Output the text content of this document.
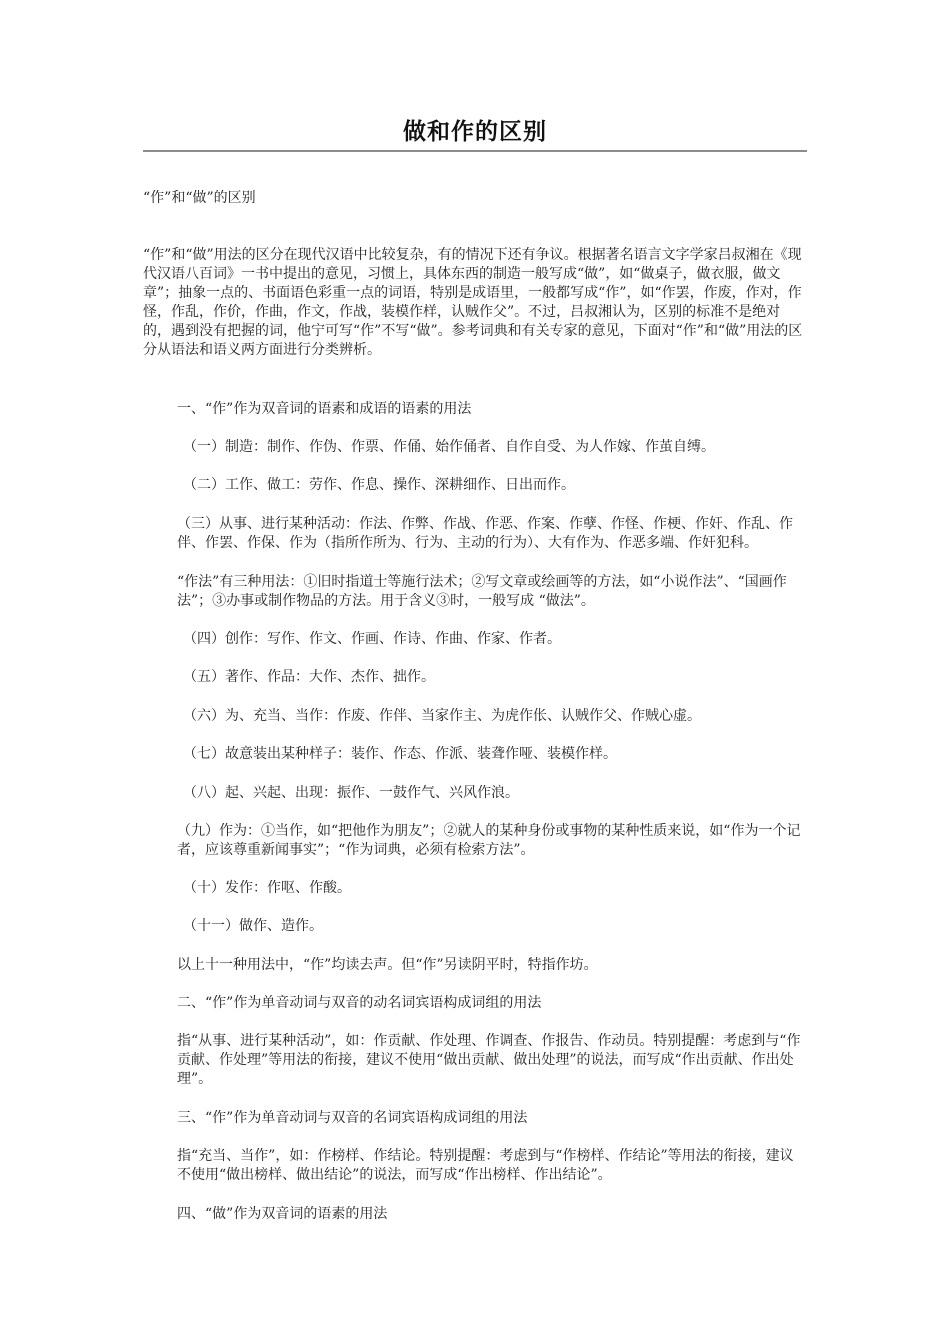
做和作的区别

“作”和“做”的区别

“作”和“做”用法的区分在现代汉语中比较复杂，有的情况下还有争议。根据著名语言文字学家吕叔湘在《现代汉语八百词》一书中提出的意见，习惯上，具体东西的制造一般写成“做”，如“做桌子，做衣服，做文章”；抽象一点的、书面语色彩重一点的词语，特别是成语里，一般都写成“作”，如“作罢，作废，作对，作怪，作乱，作价，作曲，作文，作战，装模作样，认贼作父”。不过，吕叔湘认为，区别的标准不是绝对的，遇到没有把握的词，他宁可写“作”不写“做”。参考词典和有关专家的意见，下面对“作”和“做”用法的区分从语法和语义两方面进行分类辨析。

一、“作”作为双音词的语素和成语的语素的用法

（一）制造：制作、作伪、作票、作俑、始作俑者、自作自受、为人作嫁、作茧自缚。

（二）工作、做工：劳作、作息、操作、深耕细作、日出而作。

（三）从事、进行某种活动：作法、作弊、作战、作恶、作案、作孽、作怪、作梗、作奸、作乱、作伴、作罢、作保、作为（指所作所为、行为、主动的行为）、大有作为、作恶多端、作奸犯科。

“作法”有三种用法：①旧时指道士等施行法术；②写文章或绘画等的方法，如“小说作法”、“国画作法”；③办事或制作物品的方法。用于含义③时，一般写成 “做法”。

（四）创作：写作、作文、作画、作诗、作曲、作家、作者。

（五）著作、作品：大作、杰作、拙作。

（六）为、充当、当作：作废、作伴、当家作主、为虎作伥、认贼作父、作贼心虚。

（七）故意装出某种样子：装作、作态、作派、装聋作哑、装模作样。

（八）起、兴起、出现：振作、一鼓作气、兴风作浪。

（九）作为：①当作，如“把他作为朋友”；②就人的某种身份或事物的某种性质来说，如“作为一个记者，应该尊重新闻事实”；“作为词典，必须有检索方法”。

（十）发作：作呕、作酸。

（十一）做作、造作。

以上十一种用法中，“作”均读去声。但“作”另读阴平时，特指作坊。

二、“作”作为单音动词与双音的动名词宾语构成词组的用法

指“从事、进行某种活动”，如：作贡献、作处理、作调查、作报告、作动员。特别提醒：考虑到与“作贡献、作处理”等用法的衔接，建议不使用“做出贡献、做出处理”的说法，而写成“作出贡献、作出处理”。

三、“作”作为单音动词与双音的名词宾语构成词组的用法

指“充当、当作”，如：作榜样、作结论。特别提醒：考虑到与“作榜样、作结论”等用法的衔接，建议不使用“做出榜样、做出结论”的说法，而写成“作出榜样、作出结论”。

四、“做”作为双音词的语素的用法
